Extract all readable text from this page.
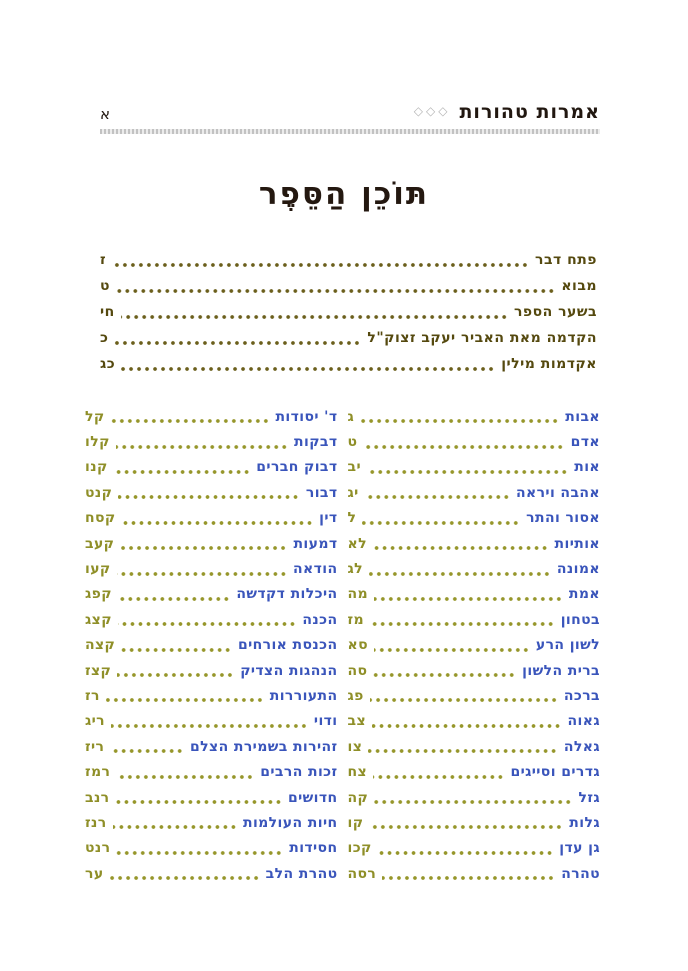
אמרות טהורות
◇◇◇
א
תּוֹכֵן הַסֵּפֶר
פתח דבר
ז
מבוא
ט
בשער הספר
חי
הקדמה מאת האביר יעקב זצוק"ל
כ
אקדמות מילין
כג
אבות
ג
אדם
ט
אות
יב
אהבה ויראה
יג
אסור והתר
ל
אותיות
לא
אמונה
לג
אמת
מה
בטחון
מז
לשון הרע
סא
ברית הלשון
סה
ברכה
פג
גאוה
צב
גאלה
צו
גדרים וסייגים
צח
גזל
קה
גלות
קו
גן עדן
קכו
טהרה
רסה
ד' יסודות
קל
דבקות
קלו
דבוק חברים
קנו
דבור
קנט
דין
קסח
דמעות
קעב
הודאה
קעו
היכלות דקדשה
קפג
הכנה
קצג
הכנסת אורחים
קצה
הנהגות הצדיק
קצז
התעוררות
רז
ודוי
ריג
זהירות בשמירת הצלם
ריז
זכות הרבים
רמז
חדושים
רנב
חיות העולמות
רנז
חסידות
רנט
טהרת הלב
ער
